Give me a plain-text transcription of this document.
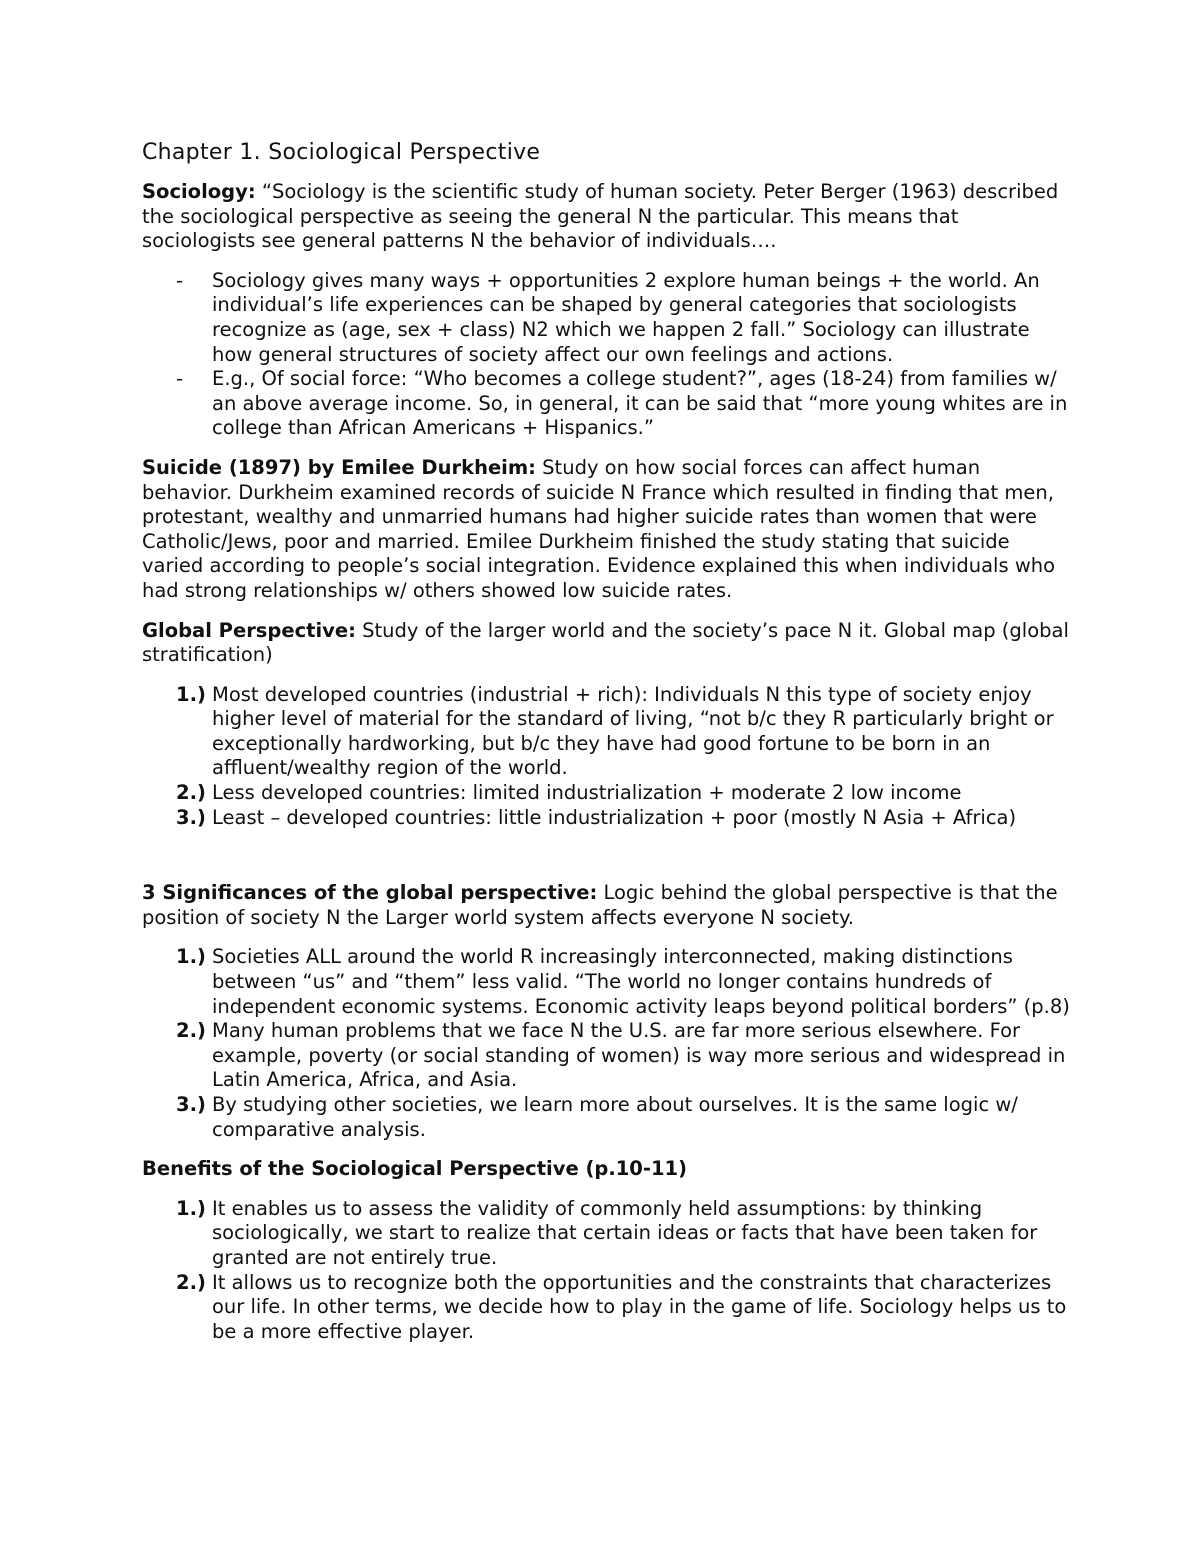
Chapter 1. Sociological Perspective

Sociology: “Sociology is the scientific study of human society. Peter Berger (1963) described the sociological perspective as seeing the general N the particular. This means that sociologists see general patterns N the behavior of individuals….

- Sociology gives many ways + opportunities 2 explore human beings + the world. An individual’s life experiences can be shaped by general categories that sociologists recognize as (age, sex + class) N2 which we happen 2 fall.” Sociology can illustrate how general structures of society affect our own feelings and actions.
- E.g., Of social force: “Who becomes a college student?”, ages (18-24) from families w/ an above average income. So, in general, it can be said that “more young whites are in college than African Americans + Hispanics.”

Suicide (1897) by Emilee Durkheim: Study on how social forces can affect human behavior. Durkheim examined records of suicide N France which resulted in finding that men, protestant, wealthy and unmarried humans had higher suicide rates than women that were Catholic/Jews, poor and married. Emilee Durkheim finished the study stating that suicide varied according to people’s social integration. Evidence explained this when individuals who had strong relationships w/ others showed low suicide rates.

Global Perspective: Study of the larger world and the society’s pace N it. Global map (global stratification)

1.) Most developed countries (industrial + rich): Individuals N this type of society enjoy higher level of material for the standard of living, “not b/c they R particularly bright or exceptionally hardworking, but b/c they have had good fortune to be born in an affluent/wealthy region of the world.
2.) Less developed countries: limited industrialization + moderate 2 low income
3.) Least – developed countries: little industrialization + poor (mostly N Asia + Africa)

3 Significances of the global perspective: Logic behind the global perspective is that the position of society N the Larger world system affects everyone N society.

1.) Societies ALL around the world R increasingly interconnected, making distinctions between “us” and “them” less valid. “The world no longer contains hundreds of independent economic systems. Economic activity leaps beyond political borders” (p.8)
2.) Many human problems that we face N the U.S. are far more serious elsewhere. For example, poverty (or social standing of women) is way more serious and widespread in Latin America, Africa, and Asia.
3.) By studying other societies, we learn more about ourselves. It is the same logic w/ comparative analysis.

Benefits of the Sociological Perspective (p.10-11)

1.) It enables us to assess the validity of commonly held assumptions: by thinking sociologically, we start to realize that certain ideas or facts that have been taken for granted are not entirely true.
2.) It allows us to recognize both the opportunities and the constraints that characterizes our life. In other terms, we decide how to play in the game of life. Sociology helps us to be a more effective player.
